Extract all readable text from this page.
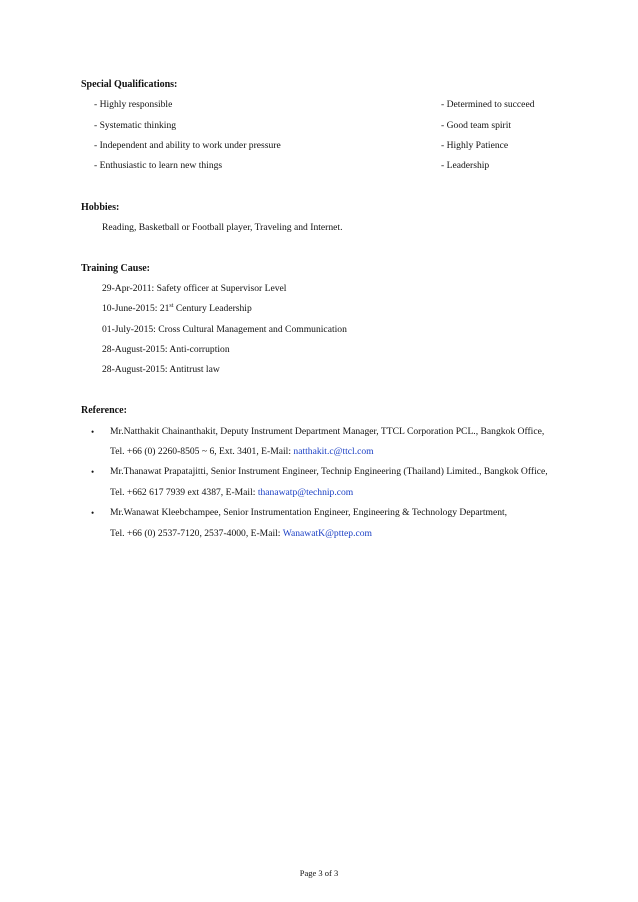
Special Qualifications:
- Highly responsible
- Systematic thinking
- Independent and ability to work under pressure
- Enthusiastic to learn new things
- Determined to succeed
- Good team spirit
- Highly Patience
- Leadership
Hobbies:
Reading, Basketball or Football player, Traveling and Internet.
Training Cause:
29-Apr-2011: Safety officer at Supervisor Level
10-June-2015: 21st Century Leadership
01-July-2015: Cross Cultural Management and Communication
28-August-2015: Anti-corruption
28-August-2015: Antitrust law
Reference:
• Mr.Natthakit Chainanthakit, Deputy Instrument Department Manager, TTCL Corporation PCL., Bangkok Office,
Tel. +66 (0) 2260-8505 ~ 6, Ext. 3401, E-Mail: natthakit.c@ttcl.com
• Mr.Thanawat Prapatajitti, Senior Instrument Engineer, Technip Engineering (Thailand) Limited., Bangkok Office,
Tel. +662 617 7939 ext 4387, E-Mail: thanawatp@technip.com
• Mr.Wanawat Kleebchampee, Senior Instrumentation Engineer, Engineering & Technology Department,
Tel. +66 (0) 2537-7120, 2537-4000, E-Mail: WanawatK@pttep.com
Page 3 of 3
